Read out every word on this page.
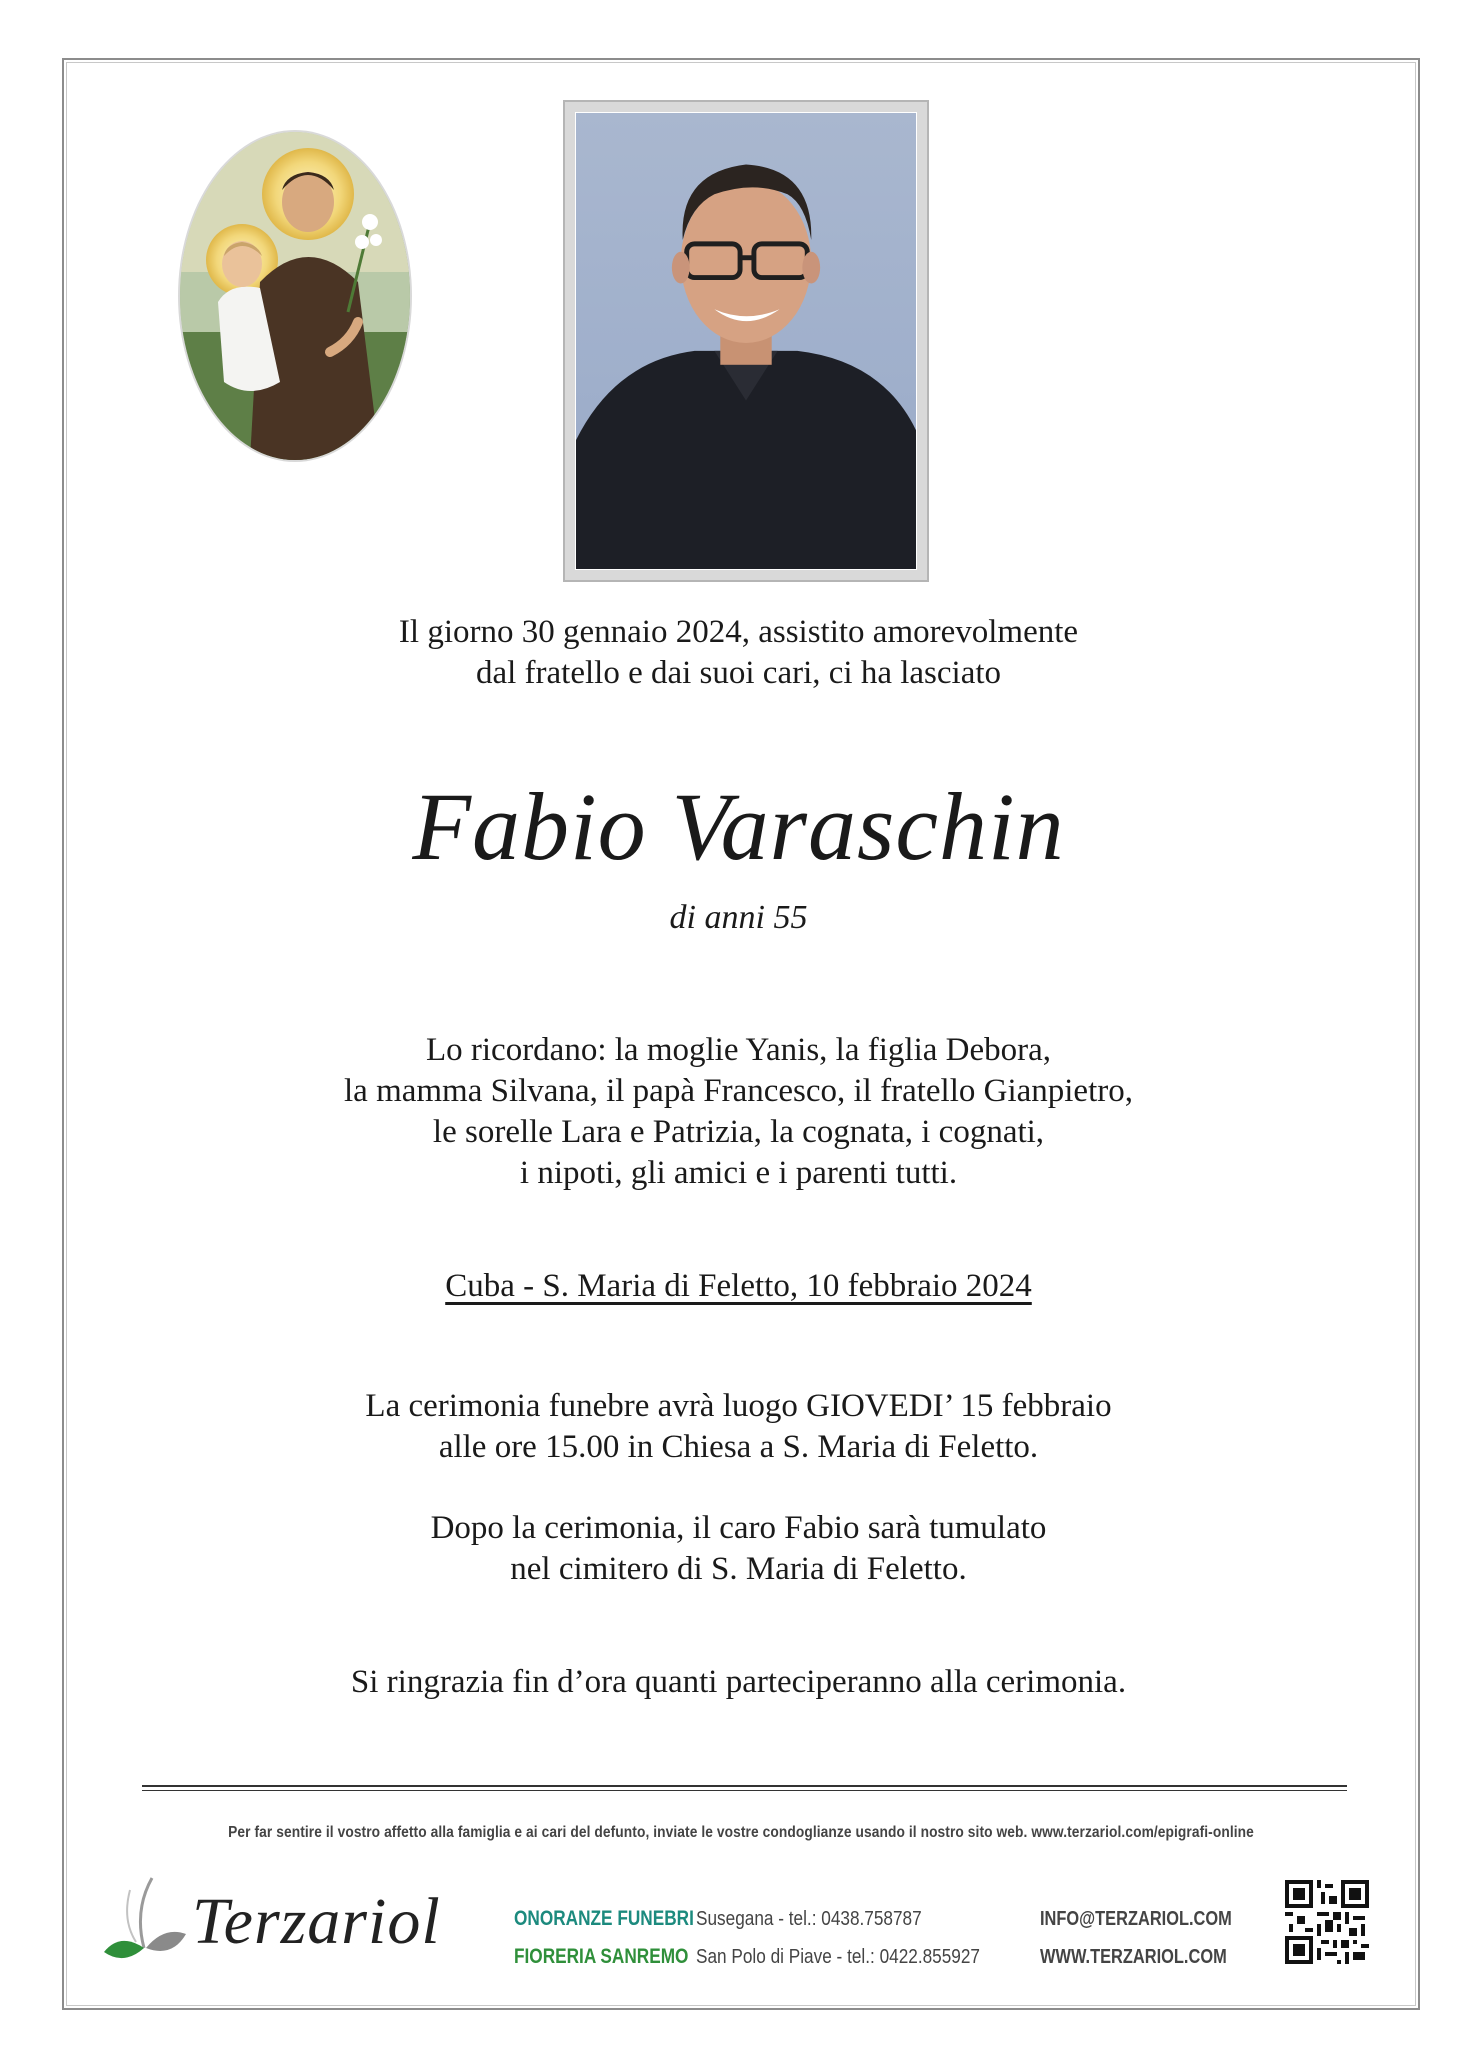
Il giorno 30 gennaio 2024, assistito amorevolmente
dal fratello e dai suoi cari, ci ha lasciato
Fabio Varaschin
di anni 55
Lo ricordano: la moglie Yanis, la figlia Debora,
la mamma Silvana, il papà Francesco, il fratello Gianpietro,
le sorelle Lara e Patrizia, la cognata, i cognati,
i nipoti, gli amici e i parenti tutti.
Cuba - S. Maria di Feletto, 10 febbraio 2024
La cerimonia funebre avrà luogo GIOVEDI’ 15 febbraio
alle ore 15.00 in Chiesa a S. Maria di Feletto.
Dopo la cerimonia, il caro Fabio sarà tumulato
nel cimitero di S. Maria di Feletto.
Si ringrazia fin d’ora quanti parteciperanno alla cerimonia.
Per far sentire il vostro affetto alla famiglia e ai cari del defunto, inviate le vostre condoglianze usando il nostro sito web. www.terzariol.com/epigrafi-online
Terzariol	ONORANZE FUNEBRI
FIORERIA SANREMO
Susegana - tel.: 0438.758787
San Polo di Piave - tel.: 0422.855927
INFO@TERZARIOL.COM
WWW.TERZARIOL.COM
